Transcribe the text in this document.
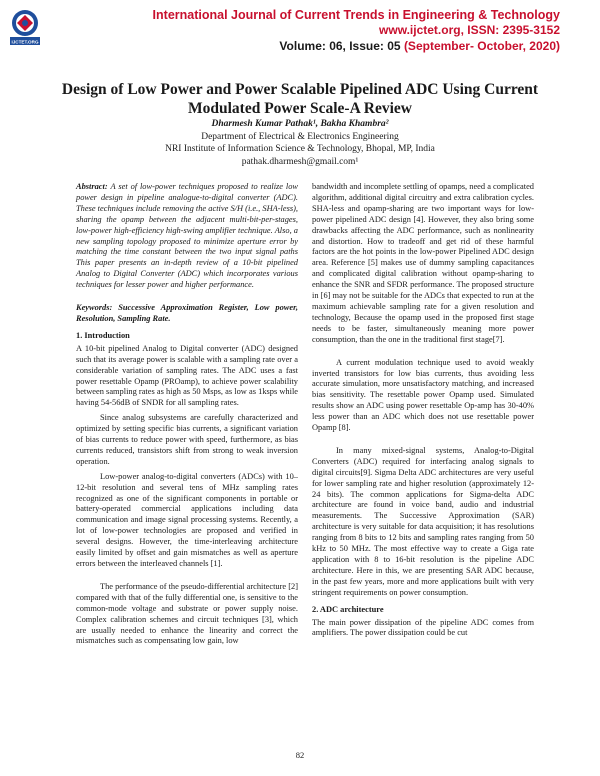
IJCTET.ORG
International Journal of Current Trends in Engineering & Technology
www.ijctet.org, ISSN: 2395-3152
Volume: 06, Issue: 05 (September- October, 2020)
Design of Low Power and Power Scalable Pipelined ADC Using Current Modulated Power Scale-A Review
Dharmesh Kumar Pathak¹, Bakha Khambra²
Department of Electrical & Electronics Engineering
NRI Institute of Information Science & Technology, Bhopal, MP, India
pathak.dharmesh@gmail.com¹

Abstract: A set of low-power techniques proposed to realize low power design in pipeline analogue-to-digital converter (ADC). These techniques include removing the active S/H (i.e., SHA-less), sharing the opamp between the adjacent multi-bit-per-stages, low-power high-efficiency high-swing amplifier technique. Also, a new sampling topology proposed to minimize aperture error by matching the time constant between the two input signal paths This paper presents an in-depth review of a 10-bit pipelined Analog to Digital Converter (ADC) which incorporates various techniques for lesser power and higher performance.

Keywords: Successive Approximation Register, Low power, Resolution, Sampling Rate.

1. Introduction

A 10-bit pipelined Analog to Digital converter (ADC) designed such that its average power is scalable with a sampling rate over a considerable variation of sampling rates. The ADC uses a fast power resettable Opamp (PROamp), to achieve power scalability between sampling rates as high as 50 Msps, as low as 1ksps while having 54-56dB of SNDR for all sampling rates.

Since analog subsystems are carefully characterized and optimized by setting specific bias currents, a significant variation of bias currents to reduce power with speed, furthermore, as bias currents reduced, transistors shift from strong to weak inversion operation.

Low-power analog-to-digital converters (ADCs) with 10– 12-bit resolution and several tens of MHz sampling rates recognized as one of the significant components in portable or battery-operated commercial applications including data communication and image signal processing systems. Recently, a lot of low-power technologies are proposed and verified in several designs. However, the time-interleaving architecture easily limited by offset and gain mismatches as well as aperture errors between the interleaved channels [1].

The performance of the pseudo-differential architecture [2] compared with that of the fully differential one, is sensitive to the common-mode voltage and substrate or power supply noise. Complex calibration schemes and circuit techniques [3], which are usually needed to enhance the linearity and correct the mismatches such as compensating low gain, low

bandwidth and incomplete settling of opamps, need a complicated algorithm, additional digital circuitry and extra calibration cycles. SHA-less and opamp-sharing are two important ways for low-power pipelined ADC design [4]. However, they also bring some drawbacks affecting the ADC performance, such as nonlinearity and distortion. How to tradeoff and get rid of these harmful factors are the hot points in the low-power Pipelined ADC design area. Reference [5] makes use of dummy sampling capacitances and complicated digital calibration without opamp-sharing to enhance the SNR and SFDR performance. The proposed structure in [6] may not be suitable for the ADCs that expected to run at the maximum achievable sampling rate for a given resolution and technology, Because the opamp used in the proposed first stage needs to be faster, simultaneously meaning more power consumption, than the one in the traditional first stage[7].

A current modulation technique used to avoid weakly inverted transistors for low bias currents, thus avoiding less accurate simulation, more unsatisfactory matching, and increased bias sensitivity. The resettable power Opamp used. Simulated results show an ADC using power resettable Op-amp has 30-40% less power than an ADC which does not use resettable power Opamp [8].

In many mixed-signal systems, Analog-to-Digital Converters (ADC) required for interfacing analog signals to digital circuits[9]. Sigma Delta ADC architectures are very useful for lower sampling rate and higher resolution (approximately 12-24 bits). The common applications for Sigma-delta ADC architecture are found in voice band, audio and industrial measurements. The Successive Approximation (SAR) architecture is very suitable for data acquisition; it has resolutions ranging from 8 bits to 12 bits and sampling rates ranging from 50 kHz to 50 MHz. The most effective way to create a Giga rate application with 8 to 16-bit resolution is the pipeline ADC architecture. Here in this, we are presenting SAR ADC because, in the past few years, more and more applications built with very stringent requirements on power consumption.

2. ADC architecture

The main power dissipation of the pipeline ADC comes from amplifiers. The power dissipation could be cut

82
